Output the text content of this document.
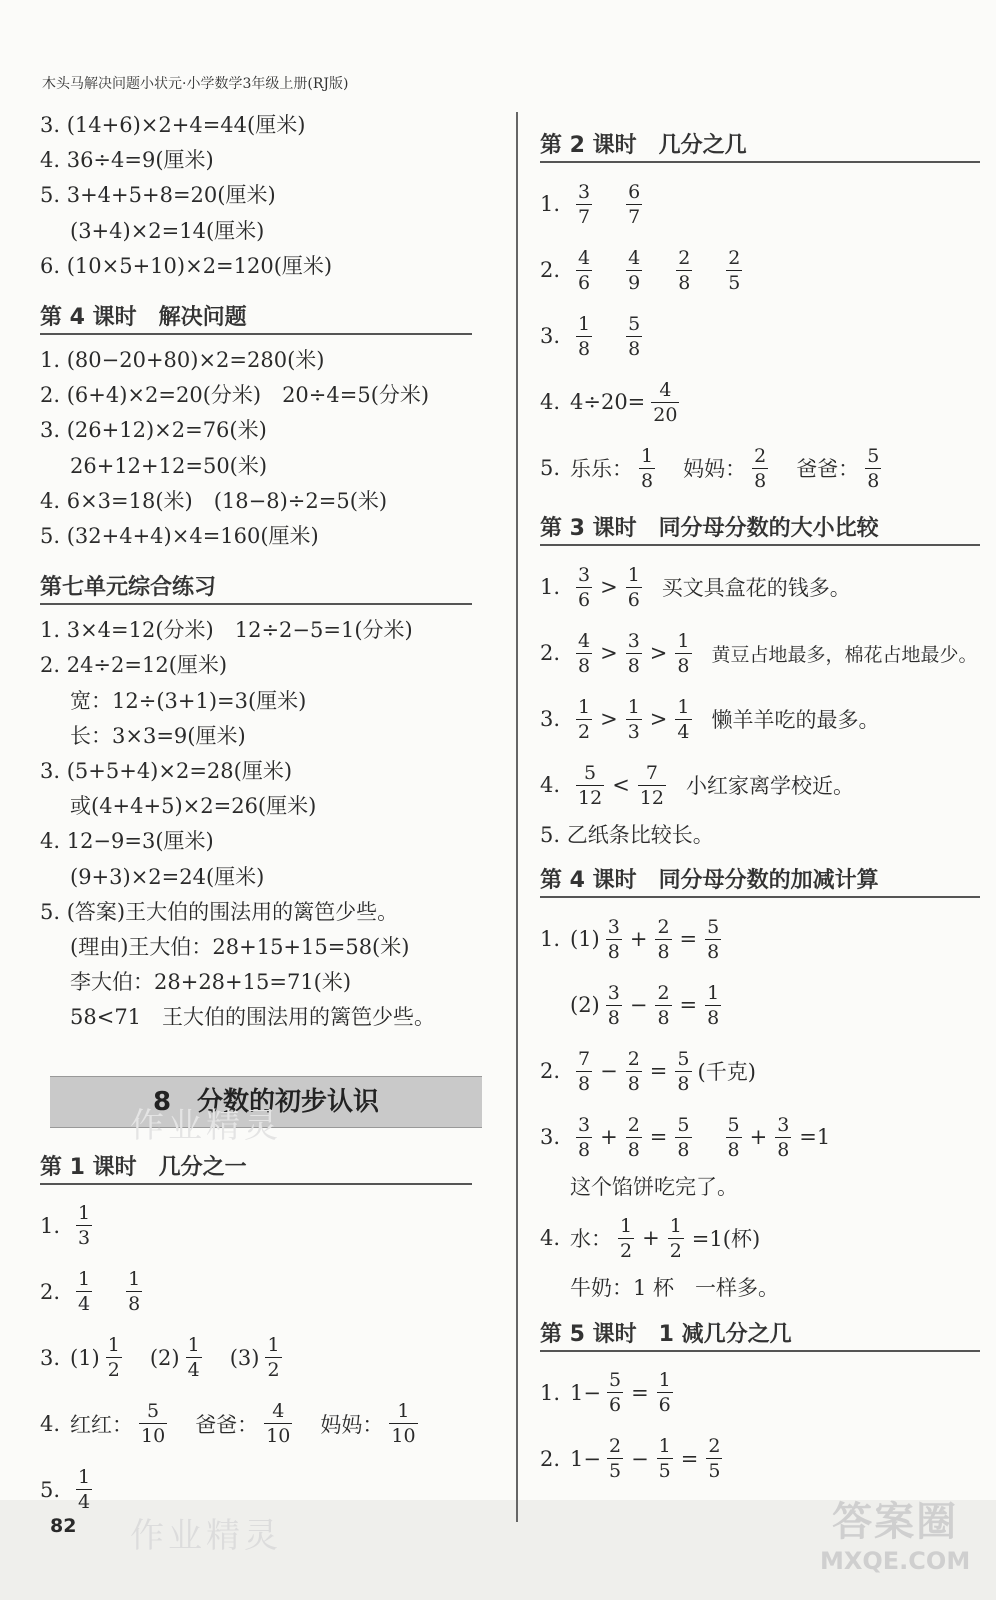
木头马解决问题小状元·小学数学3年级上册(RJ版)
3. (14+6)×2+4=44(厘米)
4. 36÷4=9(厘米)
5. 3+4+5+8=20(厘米)
(3+4)×2=14(厘米)
6. (10×5+10)×2=120(厘米)
第 4 课时　解决问题
1. (80−20+80)×2=280(米)
2. (6+4)×2=20(分米)　20÷4=5(分米)
3. (26+12)×2=76(米)
26+12+12=50(米)
4. 6×3=18(米)　(18−8)÷2=5(米)
5. (32+4+4)×4=160(厘米)
第七单元综合练习
1. 3×4=12(分米)　12÷2−5=1(分米)
2. 24÷2=12(厘米)
宽：12÷(3+1)=3(厘米)
长：3×3=9(厘米)
3. (5+5+4)×2=28(厘米)
或(4+4+5)×2=26(厘米)
4. 12−9=3(厘米)
(9+3)×2=24(厘米)
5. (答案)王大伯的围法用的篱笆少些。
(理由)王大伯：28+15+15=58(米)
李大伯：28+28+15=71(米)
58<71　王大伯的围法用的篱笆少些。
8　分数的初步认识
第 1 课时　几分之一
1. $\frac{1}{3}$
2. $\frac{1}{4} \frac{1}{8}$
3. $(1) \frac{1}{2} (2) \frac{1}{4} (3) \frac{1}{2}$
4. 红红： $\frac{5}{10}$ 爸爸： $\frac{4}{10}$ 妈妈： $\frac{1}{10}$
5. $\frac{1}{4}$
第 2 课时　几分之几
1. $\frac{3}{7} \frac{6}{7}$
2. $\frac{4}{6} \frac{4}{9} \frac{2}{8} \frac{2}{5}$
3. $\frac{1}{8} \frac{5}{8}$
4. $4\div 20= \frac{4}{20}$
5. 乐乐： $\frac{1}{8}$ 妈妈： $\frac{2}{8}$ 爸爸： $\frac{5}{8}$
第 3 课时　同分母分数的大小比较
1. $\frac{3}{6} > \frac{1}{6}$ 买文具盒花的钱多。
2. $\frac{4}{8} > \frac{3}{8} > \frac{1}{8}$ 黄豆占地最多，棉花占地最少。
3. $\frac{1}{2} > \frac{1}{3} > \frac{1}{4}$ 懒羊羊吃的最多。
4. $\frac{5}{12} < \frac{7}{12}$ 小红家离学校近。
5. 乙纸条比较长。
第 4 课时　同分母分数的加减计算
1. $(1) \frac{3}{8} + \frac{2}{8} = \frac{5}{8}$
$(2) \frac{3}{8} - \frac{2}{8} = \frac{1}{8}$
2. $\frac{7}{8} - \frac{2}{8} = \frac{5}{8}$ (千克)
3. $\frac{3}{8} + \frac{2}{8} = \frac{5}{8} \frac{5}{8} + \frac{3}{8} =1$
这个馅饼吃完了。
4. 水： $\frac{1}{2} + \frac{1}{2} =1$(杯)
牛奶：1 杯　一样多。
第 5 课时　1 减几分之几
1. $1- \frac{5}{6} = \frac{1}{6}$
2. $1- \frac{2}{5} - \frac{1}{5} = \frac{2}{5}$
作业精灵
作业精灵	答案圈
MXQE.COM
82
